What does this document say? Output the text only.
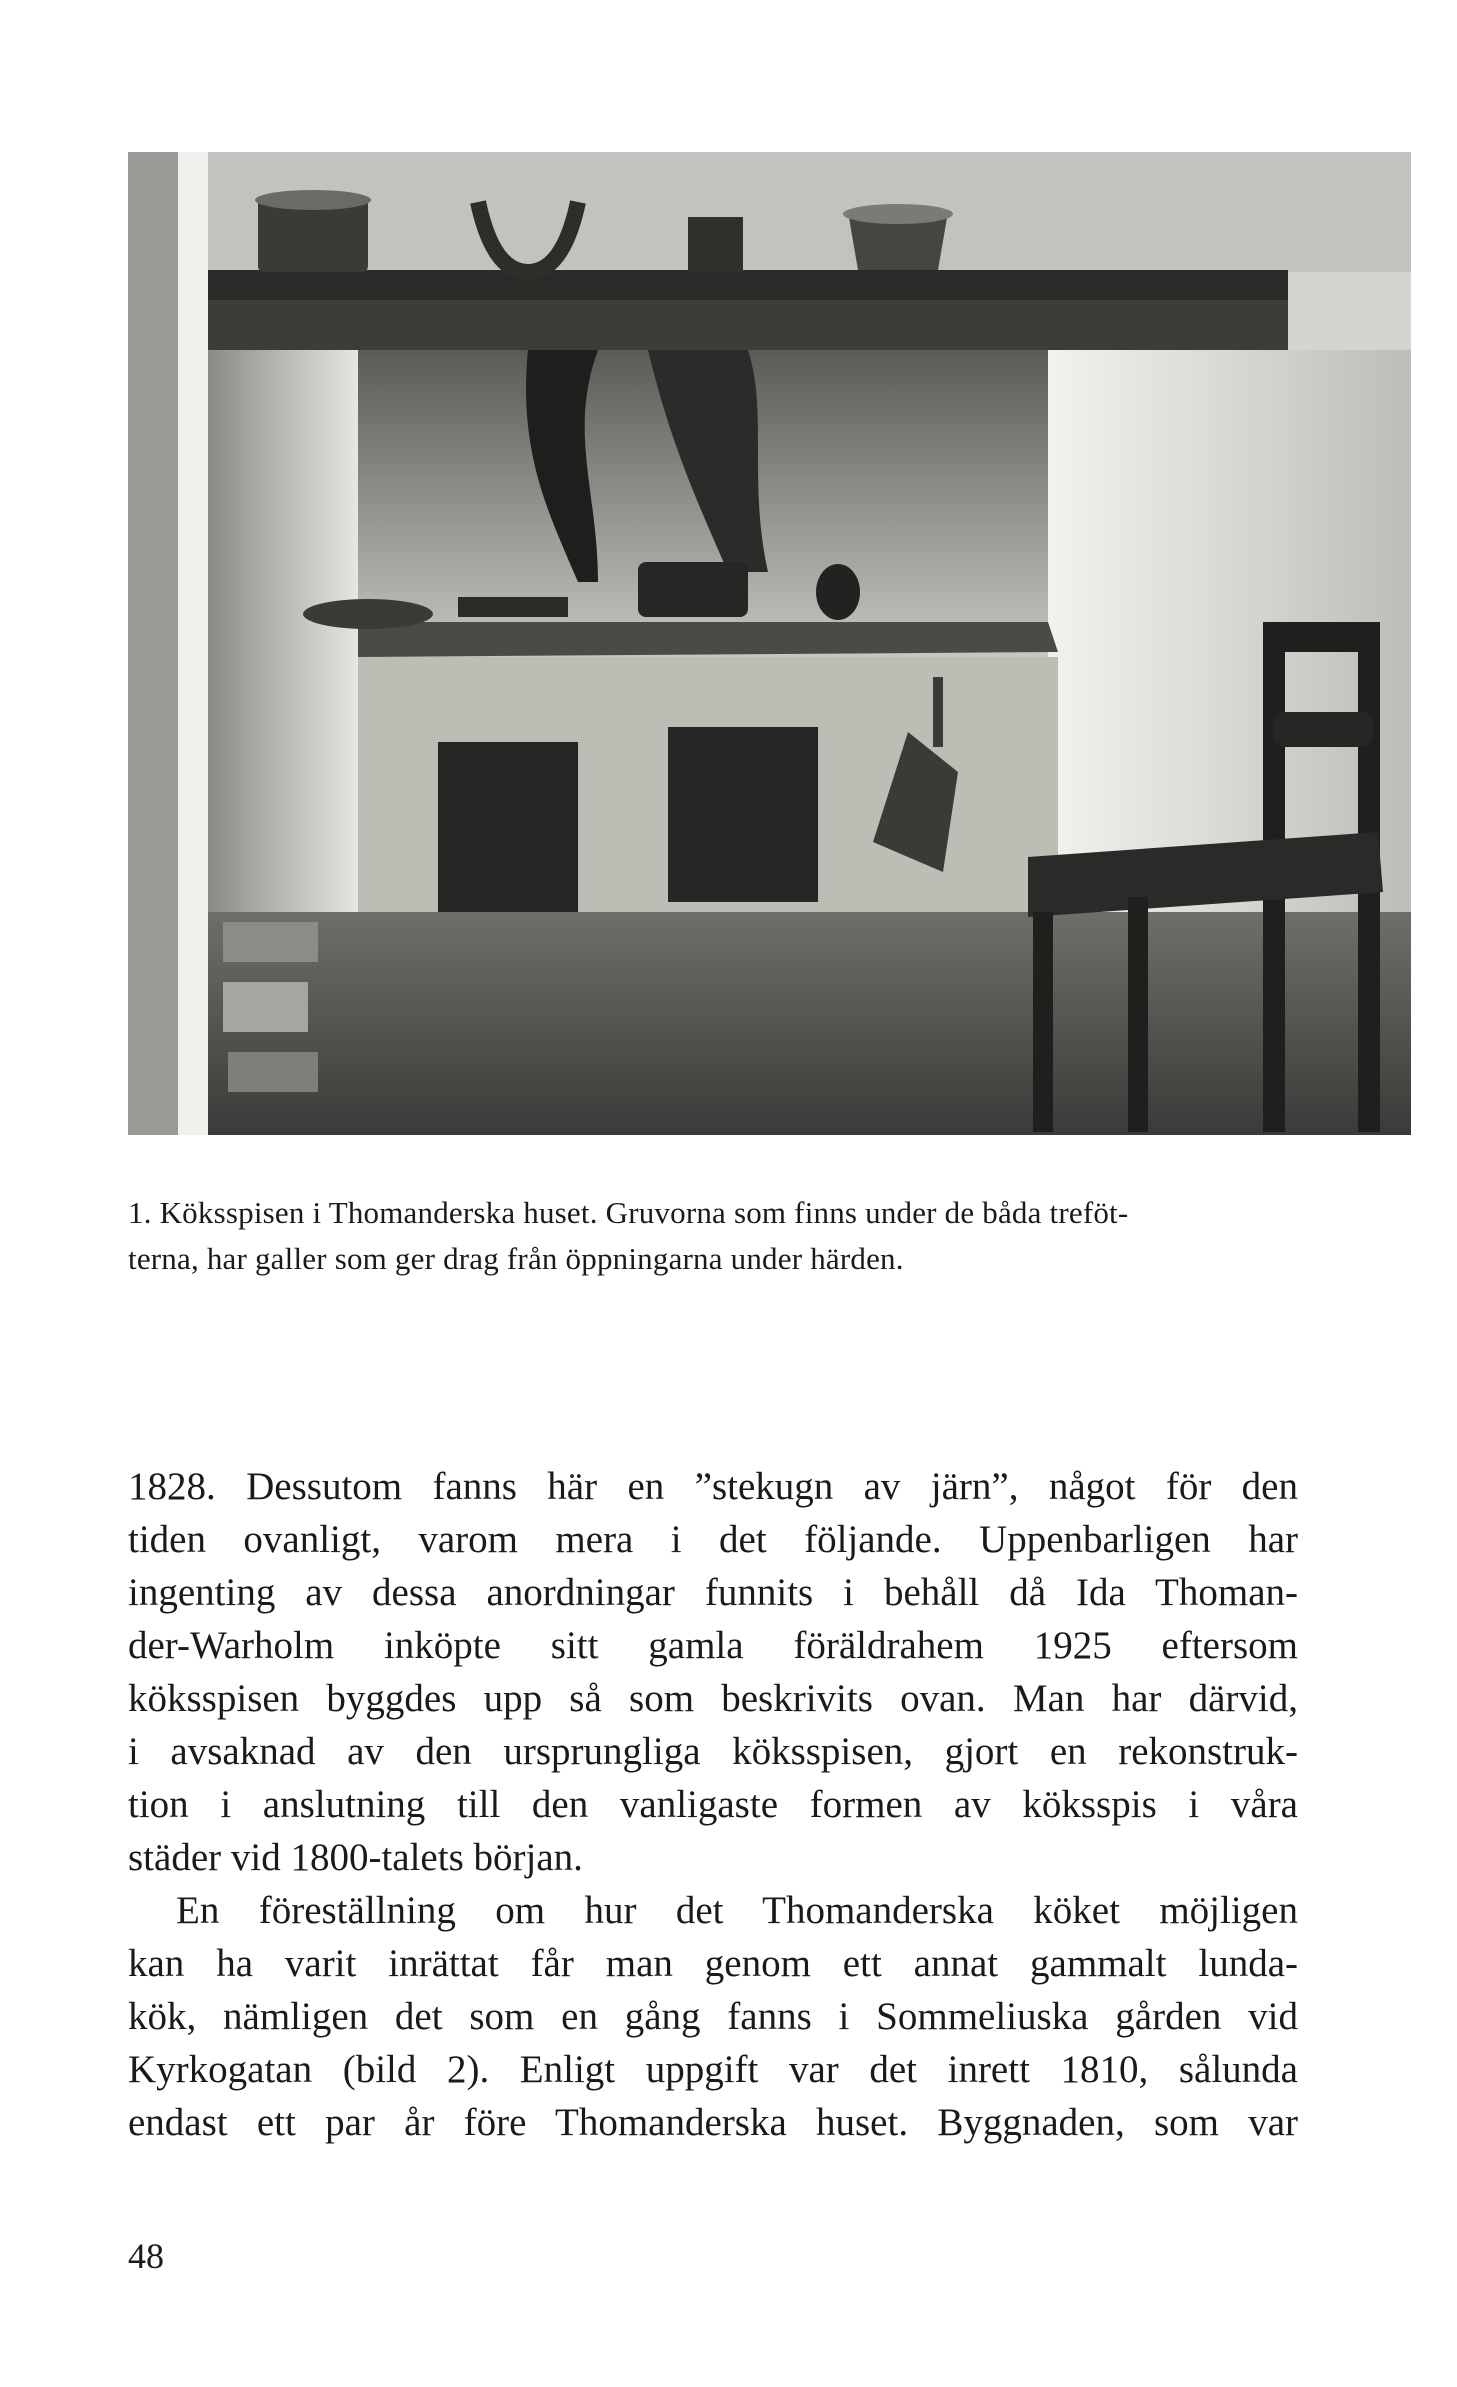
1. Köksspisen i Thomanderska huset. Gruvorna som finns under de båda treföt-

terna, har galler som ger drag från öppningarna under härden.

1828. Dessutom fanns här en ”stekugn av järn”, något för den

tiden ovanligt, varom mera i det följande. Uppenbarligen har

ingenting av dessa anordningar funnits i behåll då Ida Thoman-

der-Warholm inköpte sitt gamla föräldrahem 1925 eftersom

köksspisen byggdes upp så som beskrivits ovan. Man har därvid,

i avsaknad av den ursprungliga köksspisen, gjort en rekonstruk-

tion i anslutning till den vanligaste formen av köksspis i våra

städer vid 1800-talets början.

En föreställning om hur det Thomanderska köket möjligen

kan ha varit inrättat får man genom ett annat gammalt lunda-

kök, nämligen det som en gång fanns i Sommeliuska gården vid

Kyrkogatan (bild 2). Enligt uppgift var det inrett 1810, sålunda

endast ett par år före Thomanderska huset. Byggnaden, som var

48
